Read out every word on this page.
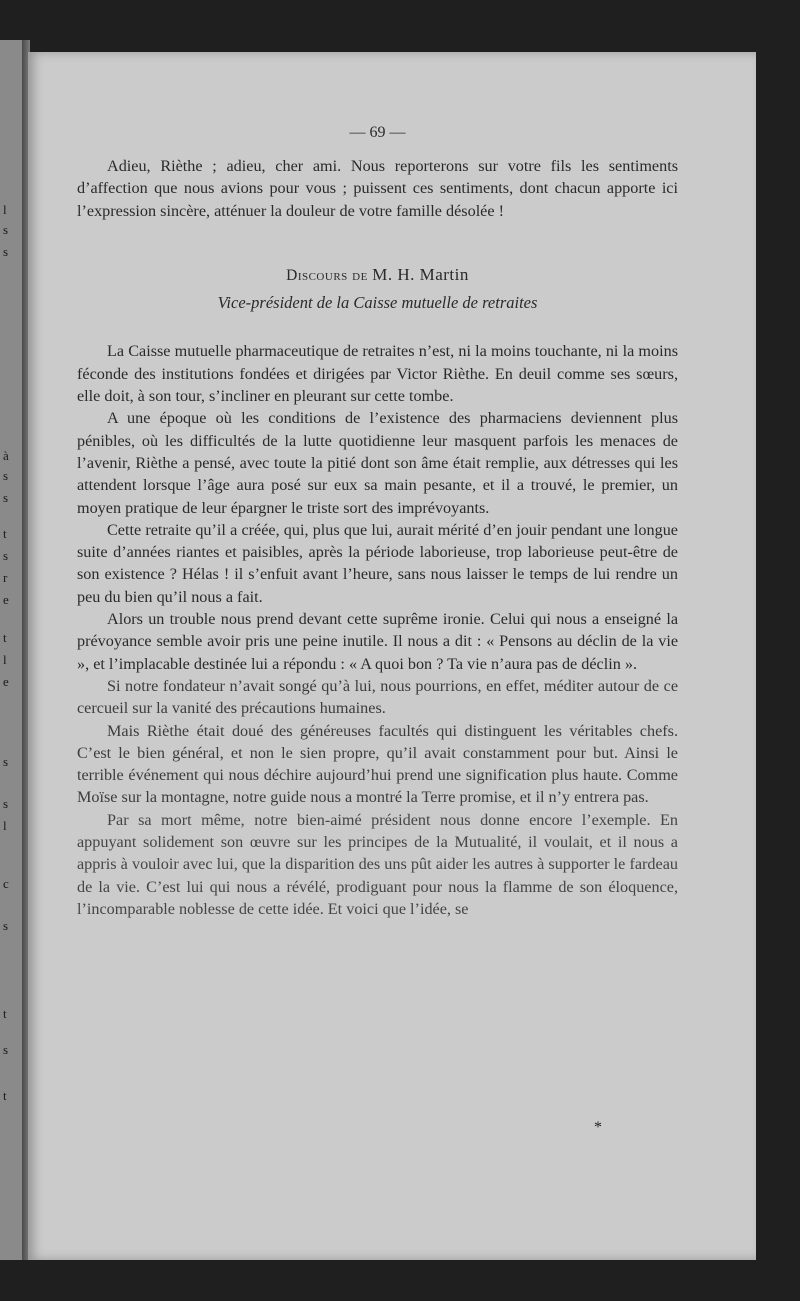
l
s
s
à
s
s
t
s
r
e
t
l
e
s
s
l
c
s
t
s
t
— 69 —

Adieu, Rièthe ; adieu, cher ami. Nous reporterons sur votre fils les sentiments d’affection que nous avions pour vous ; puissent ces sentiments, dont chacun apporte ici l’expression sincère, atténuer la douleur de votre famille désolée !

Discours de M. H. Martin
Vice-président de la Caisse mutuelle de retraites

La Caisse mutuelle pharmaceutique de retraites n’est, ni la moins touchante, ni la moins féconde des institutions fondées et dirigées par Victor Rièthe. En deuil comme ses sœurs, elle doit, à son tour, s’incliner en pleurant sur cette tombe.

A une époque où les conditions de l’existence des pharmaciens deviennent plus pénibles, où les difficultés de la lutte quotidienne leur masquent parfois les menaces de l’avenir, Rièthe a pensé, avec toute la pitié dont son âme était remplie, aux détresses qui les attendent lorsque l’âge aura posé sur eux sa main pesante, et il a trouvé, le premier, un moyen pratique de leur épargner le triste sort des imprévoyants.

Cette retraite qu’il a créée, qui, plus que lui, aurait mérité d’en jouir pendant une longue suite d’années riantes et paisibles, après la période laborieuse, trop laborieuse peut-être de son existence ? Hélas ! il s’enfuit avant l’heure, sans nous laisser le temps de lui rendre un peu du bien qu’il nous a fait.

Alors un trouble nous prend devant cette suprême ironie. Celui qui nous a enseigné la prévoyance semble avoir pris une peine inutile. Il nous a dit : « Pensons au déclin de la vie », et l’implacable destinée lui a répondu : « A quoi bon ? Ta vie n’aura pas de déclin ».

Si notre fondateur n’avait songé qu’à lui, nous pourrions, en effet, méditer autour de ce cercueil sur la vanité des précautions humaines.

Mais Rièthe était doué des généreuses facultés qui distinguent les véritables chefs. C’est le bien général, et non le sien propre, qu’il avait constamment pour but. Ainsi le terrible événement qui nous déchire aujourd’hui prend une signification plus haute. Comme Moïse sur la montagne, notre guide nous a montré la Terre promise, et il n’y entrera pas.

Par sa mort même, notre bien-aimé président nous donne encore l’exemple. En appuyant solidement son œuvre sur les principes de la Mutualité, il voulait, et il nous a appris à vouloir avec lui, que la disparition des uns pût aider les autres à supporter le fardeau de la vie. C’est lui qui nous a révélé, prodiguant pour nous la flamme de son éloquence, l’incomparable noblesse de cette idée. Et voici que l’idée, se

*
